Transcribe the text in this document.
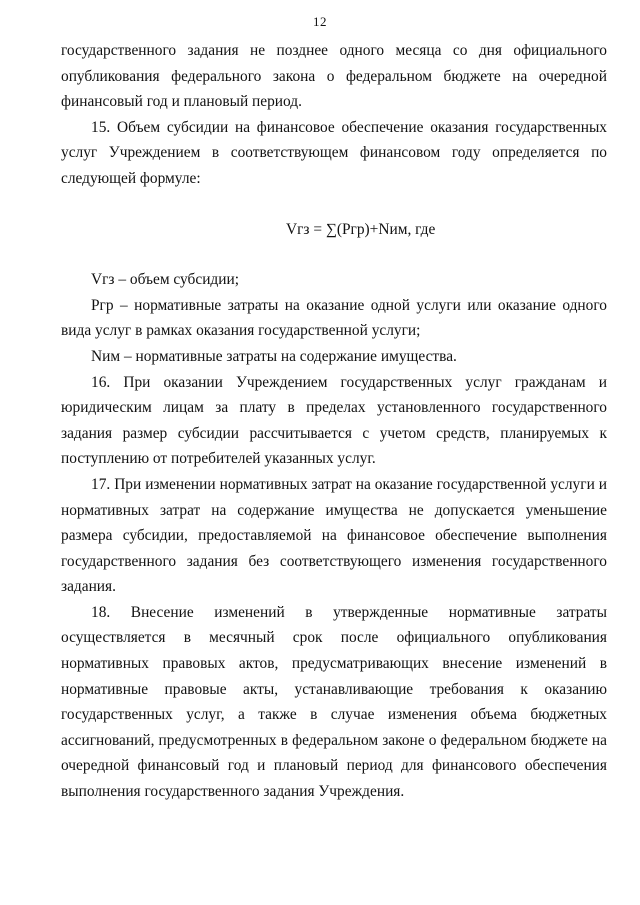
12

государственного задания не позднее одного месяца со дня официального опубликования федерального закона о федеральном бюджете на очередной финансовый год и плановый период.

15. Объем субсидии на финансовое обеспечение оказания государственных услуг Учреждением в соответствующем финансовом году определяется по следующей формуле:

Vгз = ∑(Pгр)+Nим, где

Vгз – объем субсидии;

Pгр – нормативные затраты на оказание одной услуги или оказание одного вида услуг в рамках оказания государственной услуги;

Nим – нормативные затраты на содержание имущества.

16. При оказании Учреждением государственных услуг гражданам и юридическим лицам за плату в пределах установленного государственного задания размер субсидии рассчитывается с учетом средств, планируемых к поступлению от потребителей указанных услуг.

17. При изменении нормативных затрат на оказание государственной услуги и нормативных затрат на содержание имущества не допускается уменьшение размера субсидии, предоставляемой на финансовое обеспечение выполнения государственного задания без соответствующего изменения государственного задания.

18. Внесение изменений в утвержденные нормативные затраты осуществляется в месячный срок после официального опубликования нормативных правовых актов, предусматривающих внесение изменений в нормативные правовые акты, устанавливающие требования к оказанию государственных услуг, а также в случае изменения объема бюджетных ассигнований, предусмотренных в федеральном законе о федеральном бюджете на очередной финансовый год и плановый период для финансового обеспечения выполнения государственного задания Учреждения.
